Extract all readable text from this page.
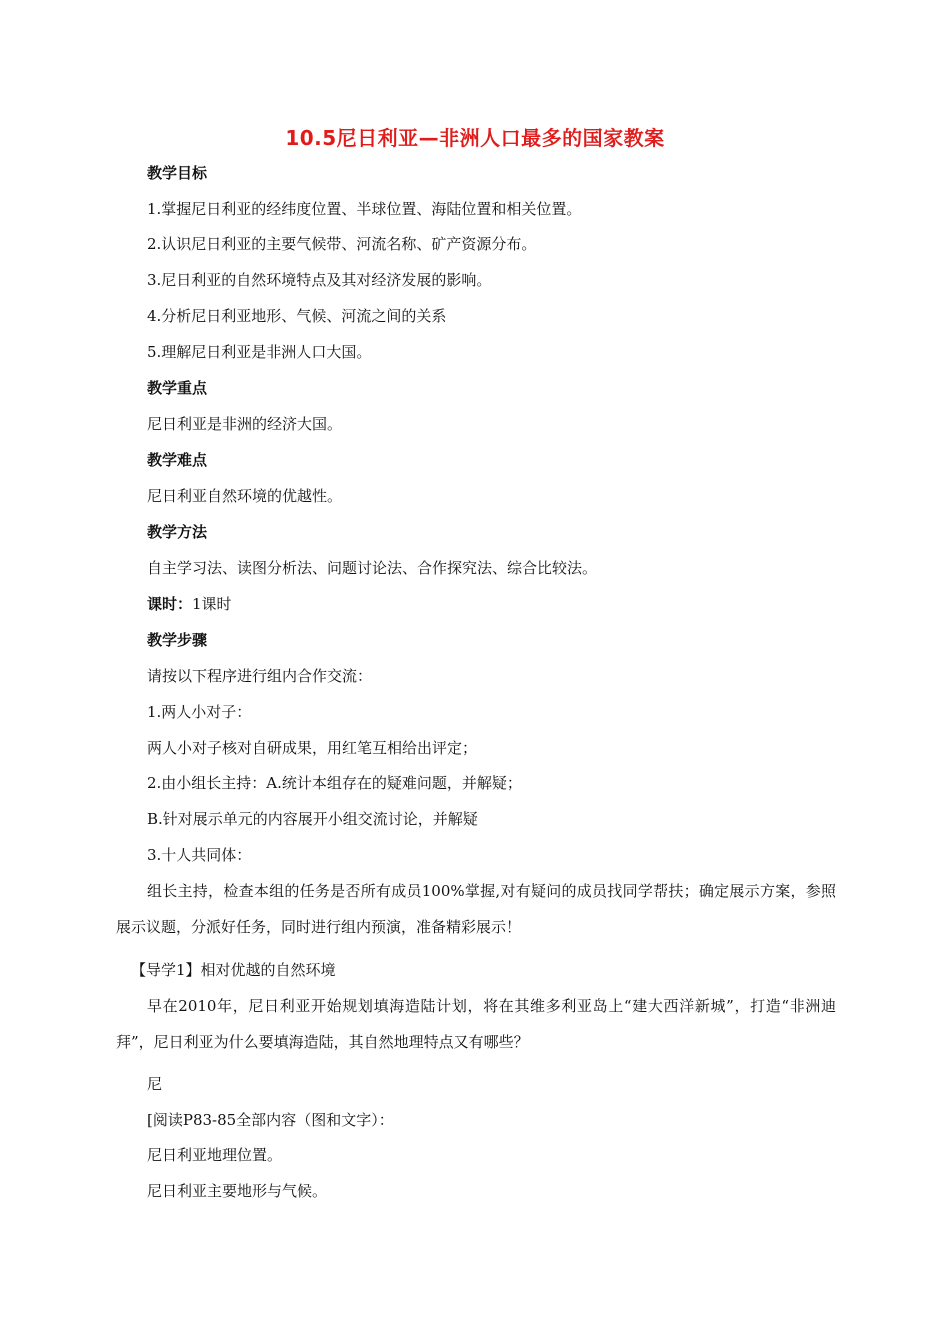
10.5尼日利亚—非洲人口最多的国家教案
教学目标
1.掌握尼日利亚的经纬度位置、半球位置、海陆位置和相关位置。
2.认识尼日利亚的主要气候带、河流名称、矿产资源分布。
3.尼日利亚的自然环境特点及其对经济发展的影响。
4.分析尼日利亚地形、气候、河流之间的关系
5.理解尼日利亚是非洲人口大国。
教学重点
尼日利亚是非洲的经济大国。
教学难点
尼日利亚自然环境的优越性。
教学方法
自主学习法、读图分析法、问题讨论法、合作探究法、综合比较法。
课时：1课时
教学步骤
请按以下程序进行组内合作交流：
1.两人小对子：
两人小对子核对自研成果，用红笔互相给出评定；
2.由小组长主持：A.统计本组存在的疑难问题，并解疑；
B.针对展示单元的内容展开小组交流讨论，并解疑
3.十人共同体：
组长主持，检查本组的任务是否所有成员100%掌握,对有疑问的成员找同学帮扶；确定展示方案，参照展示议题，分派好任务，同时进行组内预演，准备精彩展示！
【导学1】相对优越的自然环境
早在2010年，尼日利亚开始规划填海造陆计划，将在其维多利亚岛上“建大西洋新城”，打造“非洲迪拜”，尼日利亚为什么要填海造陆，其自然地理特点又有哪些？
尼
[阅读P83-85全部内容（图和文字）：
尼日利亚地理位置。
尼日利亚主要地形与气候。
